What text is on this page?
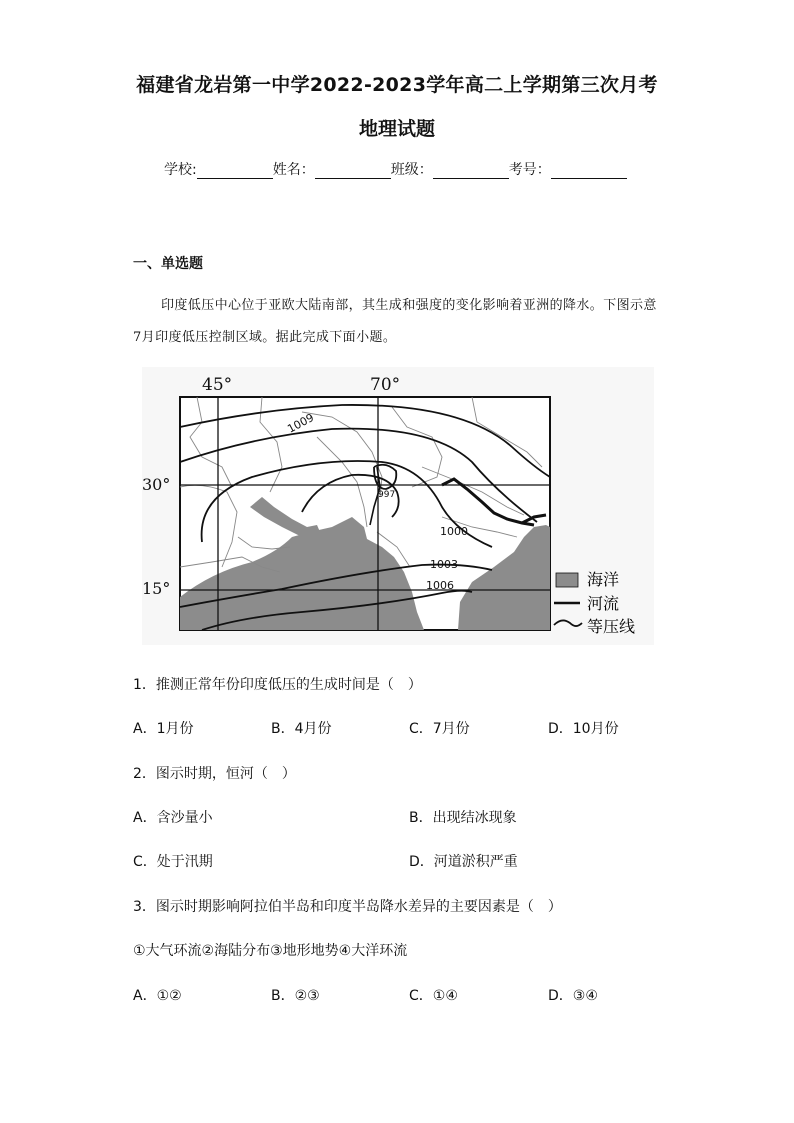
福建省龙岩第一中学2022-2023学年高二上学期第三次月考
地理试题
学校:	姓名：	班级：	考号：
一、单选题
印度低压中心位于亚欧大陆南部，其生成和强度的变化影响着亚洲的降水。下图示意7月印度低压控制区域。据此完成下面小题。
45°	70°
30°
15°
1009
997
1000
1003
1006	海洋
河流
等压线
1．推测正常年份印度低压的生成时间是（　）
A．1月份	B．4月份	C．7月份	D．10月份
2．图示时期，恒河（　）
A．含沙量小	B．出现结冰现象
C．处于汛期	D．河道淤积严重
3．图示时期影响阿拉伯半岛和印度半岛降水差异的主要因素是（　）
①大气环流②海陆分布③地形地势④大洋环流
A．①②	B．②③	C．①④	D．③④
